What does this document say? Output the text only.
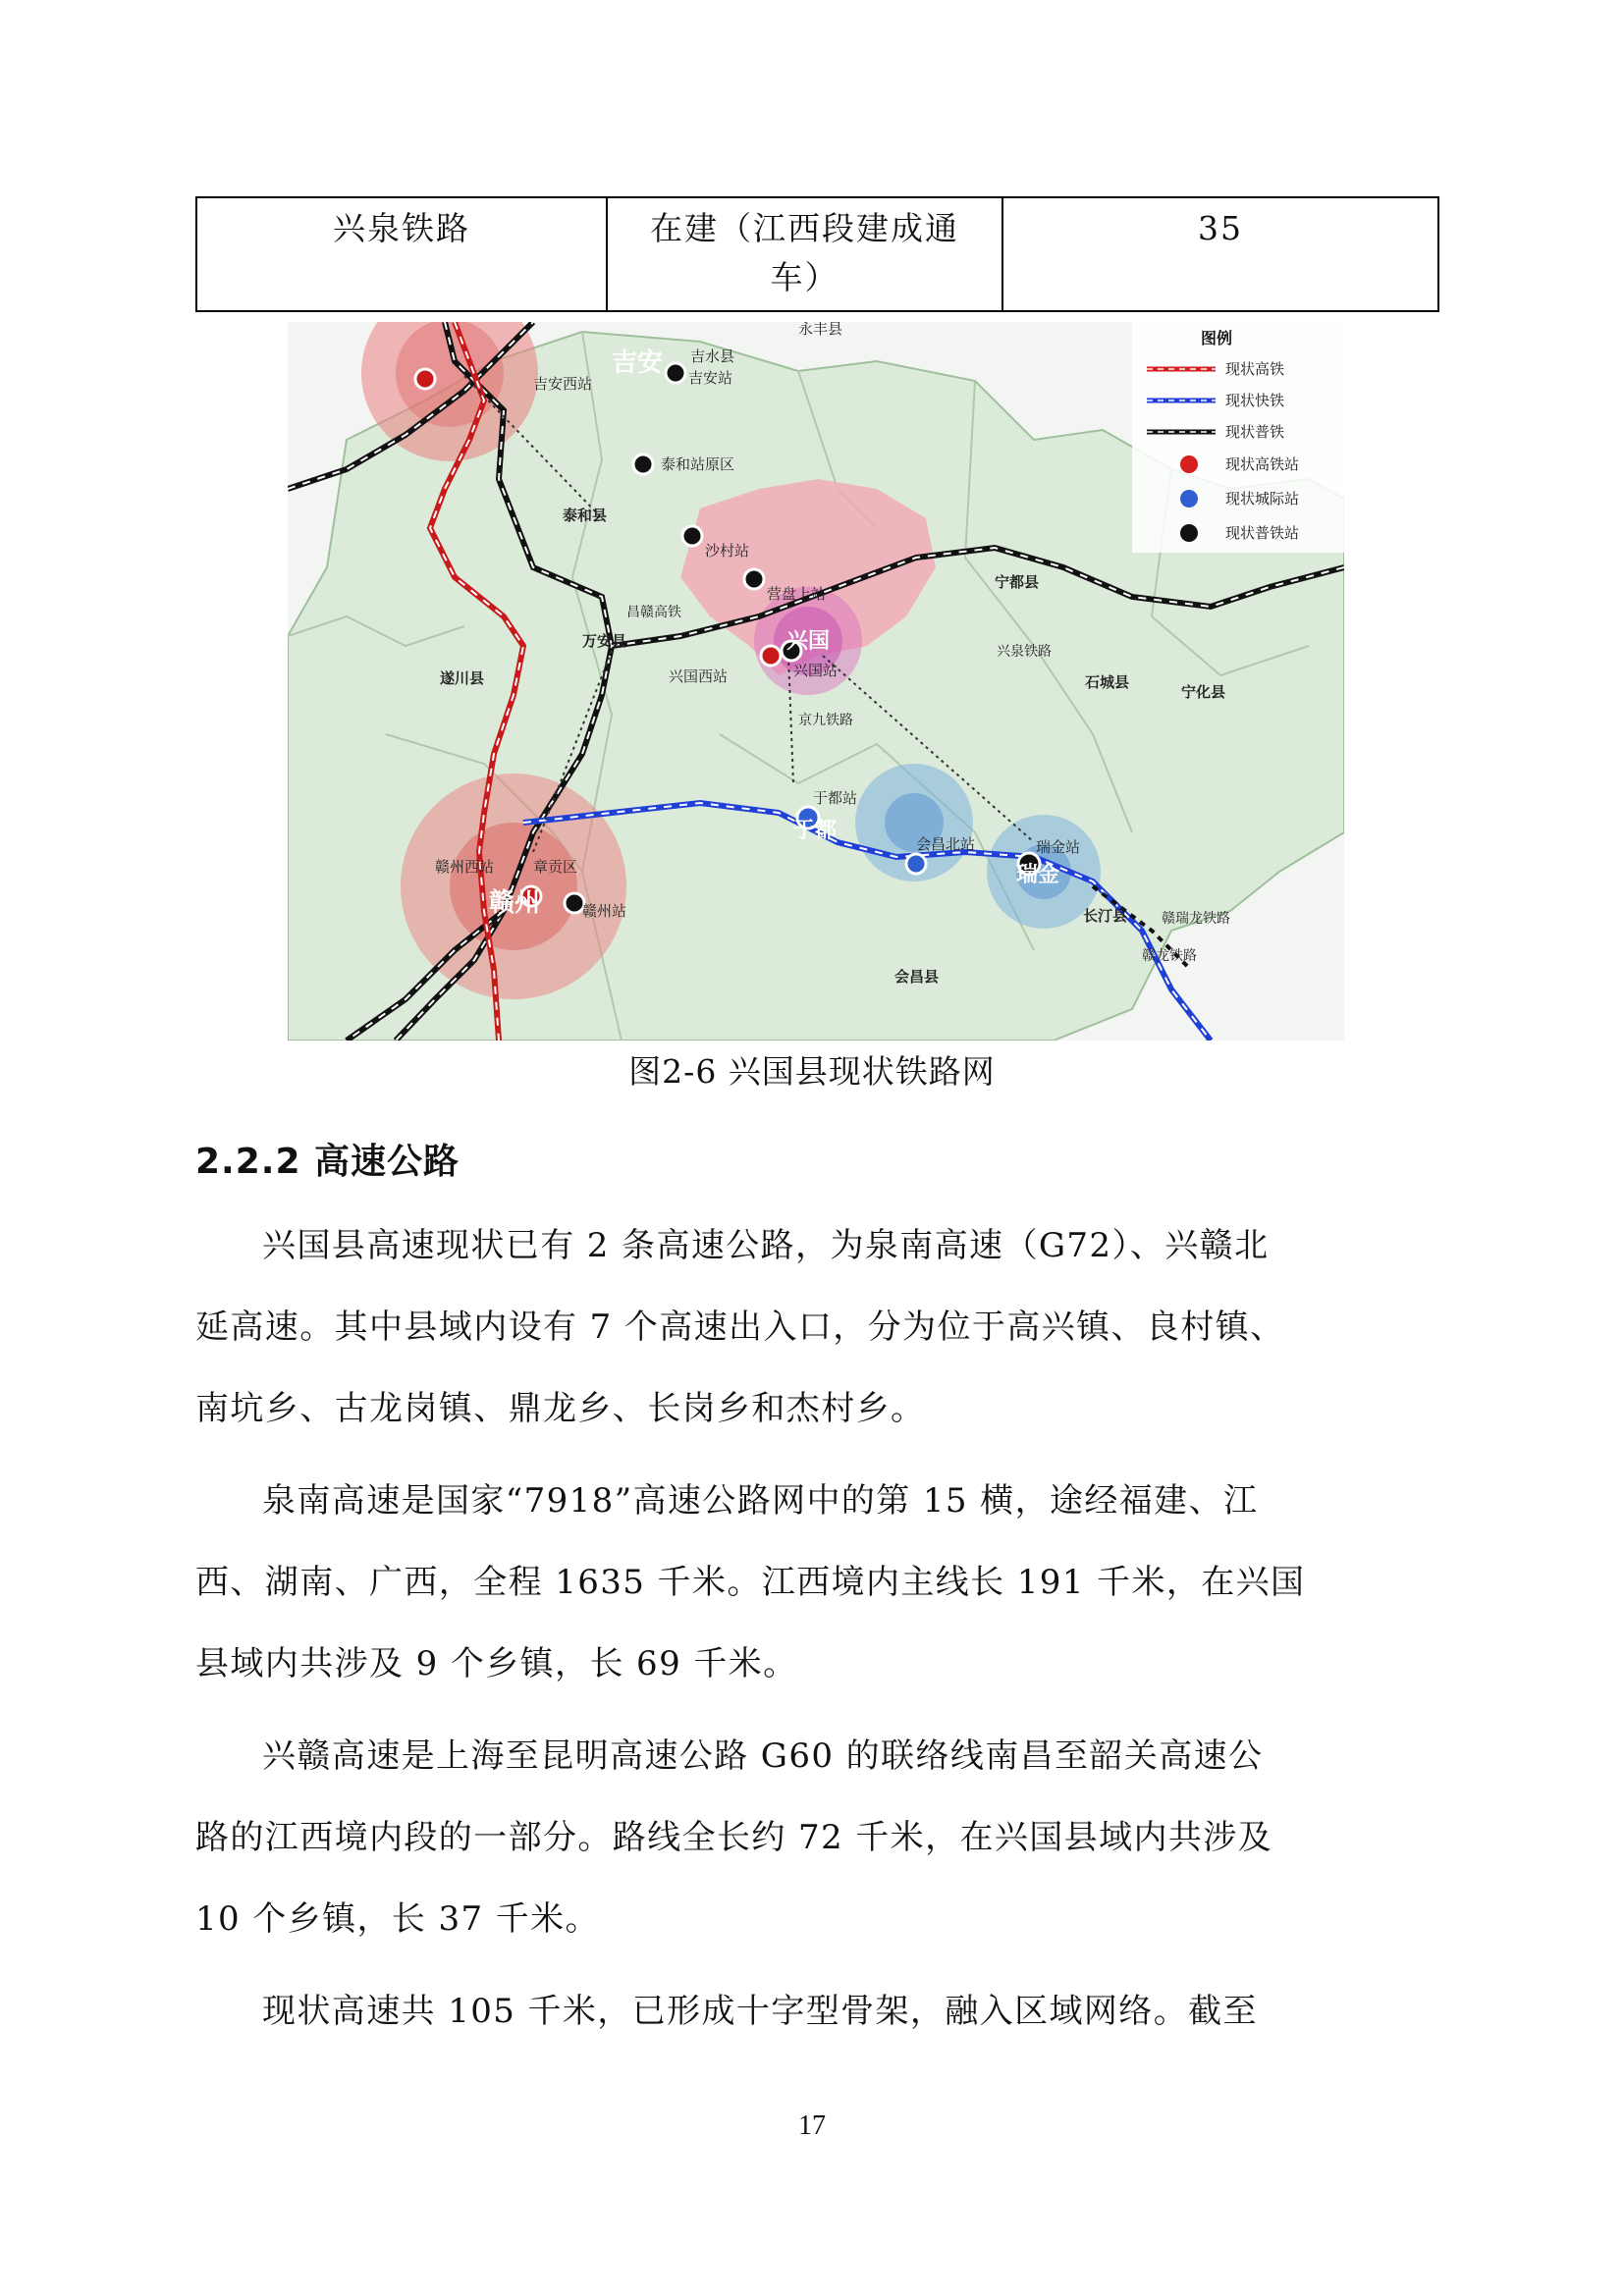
兴泉铁路	在建（江西段建成通
车）	35
图例
现状高铁
现状快铁
现状普铁
现状高铁站
现状城际站
现状普铁站
永丰县
吉安 吉水县
吉安西站	吉安站
泰和站原区
泰和县
沙村站
营盘上站
宁都县
兴泉铁路
昌赣高铁
万安县	兴国
兴国西站	兴国站
遂川县	石城县
宁化县
京九铁路
于都站
于都
会昌北站	瑞金站
瑞金
赣州西站	章贡区
赣州	赣州站	长汀县 赣瑞龙铁路
赣龙铁路
会昌县
图2-6 兴国县现状铁路网
2.2.2 高速公路
兴国县高速现状已有 2 条高速公路，为泉南高速（G72）、兴赣北
延高速。其中县域内设有 7 个高速出入口，分为位于高兴镇、良村镇、
南坑乡、古龙岗镇、鼎龙乡、长岗乡和杰村乡。
泉南高速是国家“7918”高速公路网中的第 15 横，途经福建、江
西、湖南、广西，全程 1635 千米。江西境内主线长 191 千米，在兴国
县域内共涉及 9 个乡镇，长 69 千米。
兴赣高速是上海至昆明高速公路 G60 的联络线南昌至韶关高速公
路的江西境内段的一部分。路线全长约 72 千米，在兴国县域内共涉及
10 个乡镇，长 37 千米。
现状高速共 105 千米，已形成十字型骨架，融入区域网络。截至
17
